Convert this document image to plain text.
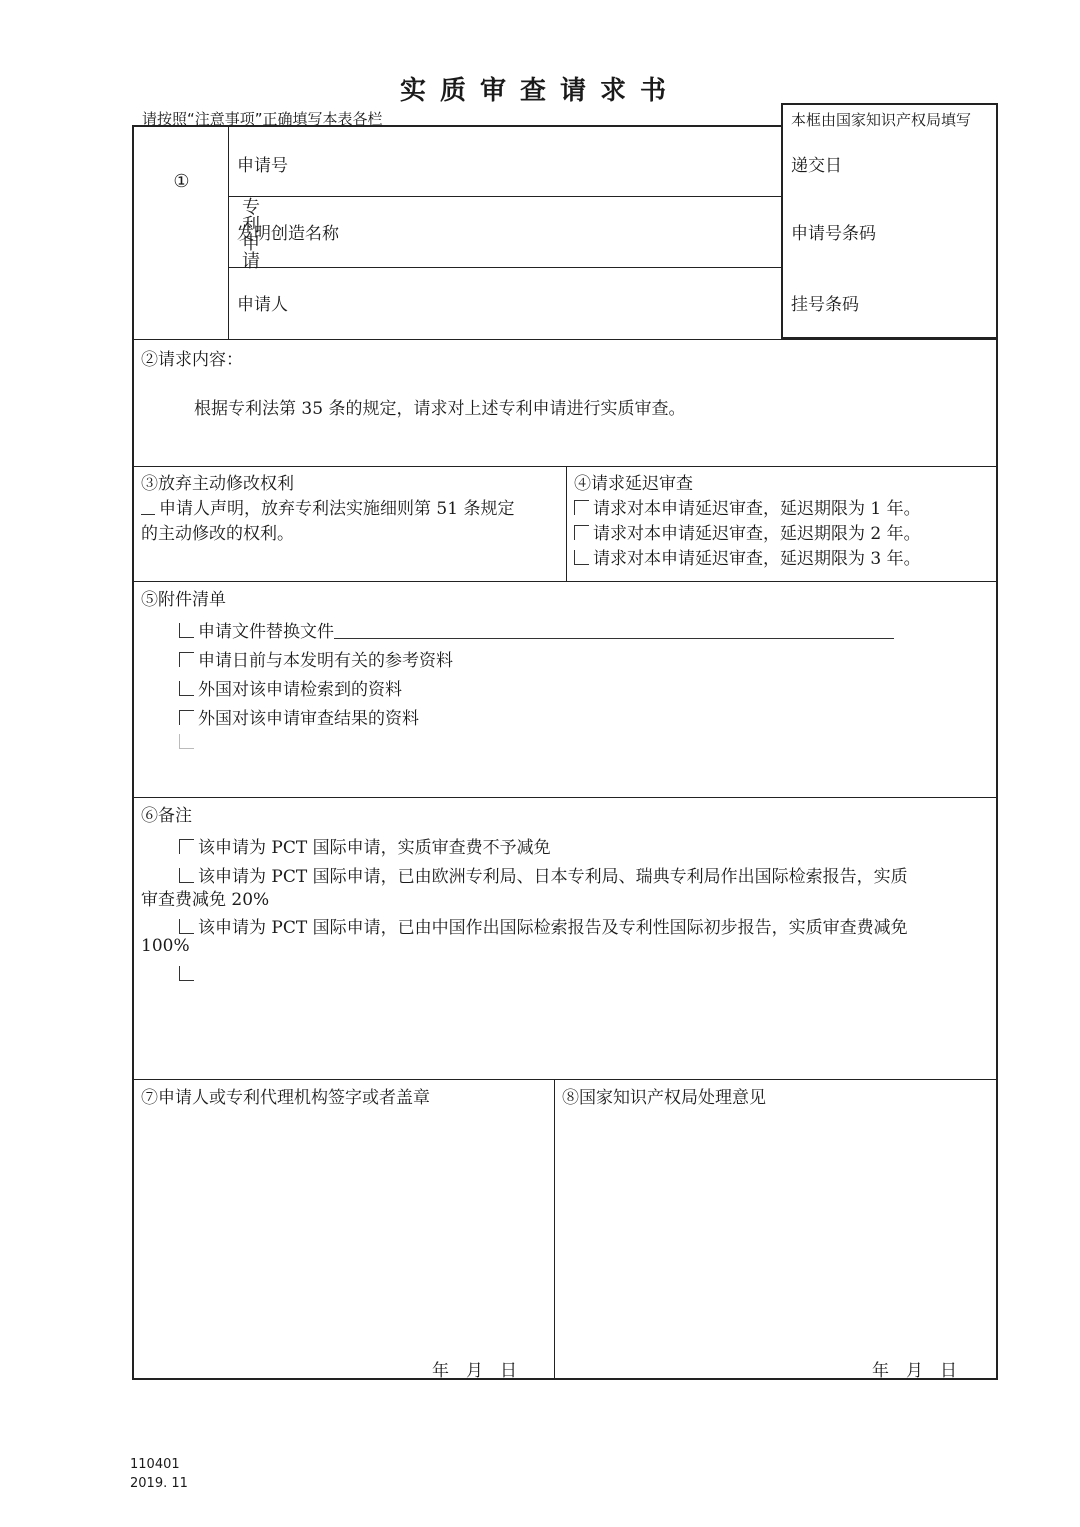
实质审查请求书
请按照“注意事项”正确填写本表各栏
①
专利申请
申请号
发明创造名称
申请人
②请求内容：
根据专利法第 35 条的规定，请求对上述专利申请进行实质审查。
③放弃主动修改权利
申请人声明，放弃专利法实施细则第 51 条规定
的主动修改的权利。
④请求延迟审查
请求对本申请延迟审查，延迟期限为 1 年。
请求对本申请延迟审查，延迟期限为 2 年。
请求对本申请延迟审查，延迟期限为 3 年。
⑤附件清单
申请文件替换文件
申请日前与本发明有关的参考资料
外国对该申请检索到的资料
外国对该申请审查结果的资料
⑥备注
该申请为 PCT 国际申请，实质审查费不予减免
该申请为 PCT 国际申请，已由欧洲专利局、日本专利局、瑞典专利局作出国际检索报告，实质
审查费减免 20%
该申请为 PCT 国际申请，已由中国作出国际检索报告及专利性国际初步报告，实质审查费减免
100%
⑦申请人或专利代理机构签字或者盖章	⑧国家知识产权局处理意见
年　月　日	年　月　日
本框由国家知识产权局填写
递交日
申请号条码
挂号条码
110401
2019. 11
